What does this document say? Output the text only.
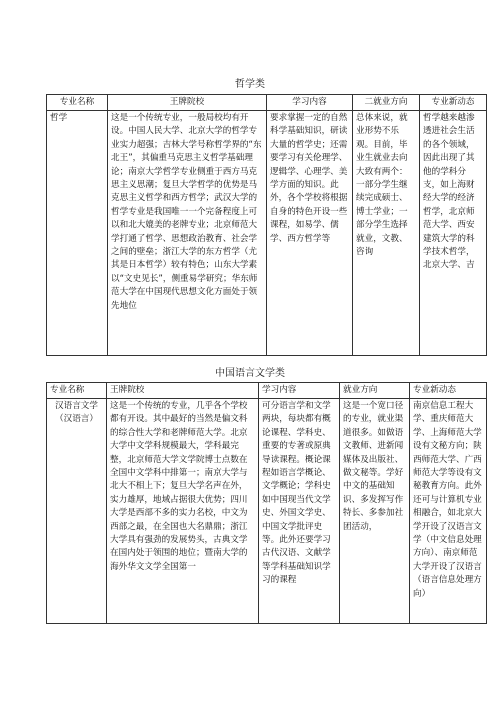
哲学类
专业名称	王牌院校	学习内容	二就业方向	专业新动态
哲学	这是一个传统专业，一般局校均有开设。中国人民大学、北京大学的哲学专业实力超强；吉林大学号称哲学界的“东北王”，其偏重马克思主义哲学基础理论；南京大学哲学专业侧重于西方马克思主义思潮；复旦大学哲学的优势是马克思主义哲学和西方哲学；武汉大学的哲学专业是我国唯一一个完备程度上可以和北大媲美的老牌专业；北京师范大学打通了哲学、思想政治教育、社会学之间的壁垒；浙江大学的东方哲学（尤其是日本哲学）较有特色；山东大学素以“文史见长”，侧重易学研究；华东师范大学在中国现代思想文化方面处于领先地位	要求掌握一定的自然科学基础知识，研读大量的哲学史；还需要学习有关伦理学、逻辑学、心理学、美学方面的知识。此外，各个学校将根据自身的特色开设一些课程，如易学、儒学、西方哲学等	总体来说，就业形势不乐观。目前，毕业生就业去向大致有两个：一部分学生继续完成硕士、博士学业；一部分学生选择就业，文教、咨询	哲学越来越渗透进社会生活的各个领域，因此出现了其他的学科分支，如上海财经大学的经济哲学，北京师范大学、西安建筑大学的科学技术哲学，北京大学、吉
中国语言文学类
专业名称	王牌院校	学习内容	就业方向	专业新动态
汉语言文学（汉语言）	这是一个传统的专业，几乎各个学校都有开设。其中最好的当然是偏文科的综合性大学和老牌师范大学。北京大学中文学科规模最大，学科最完整，北京师范大学文学院博士点数在全国中文学科中排第一；南京大学与北大不相上下；复旦大学名声在外，实力雄厚，地域占据很大优势；四川大学是西部不多的实力名校，中文为西部之最，在全国也大名鼎鼎；浙江大学具有强劲的发展势头，古典文学在国内处于领围的地位；暨南大学的海外华文文学全国第一	可分语言学和文学两块，每块都有概论课程、学科史、重要的专著或原典导读课程。概论课程如语言学概论、文学概论；学科史如中国现当代文学史、外国文学史、中国文学批评史等。此外还要学习古代汉语、文献学等学科基础知识学习的课程	这是一个宽口径的专业，就业渠道很多。如做语文教师、进新闻媒体及出版社、做文秘等。学好中文的基础知识、多发挥写作特长、多参加社团活动，	南京信息工程大学、重庆师范大学、上海师范大学设有文秘方向；陕西师范大学、广西师范大学等设有文秘教育方向。此外还可与计算机专业相融合，如北京大学开设了汉语言文学（中文信息处理方向）、南京师范大学开设了汉语言（语言信息处理方向）
